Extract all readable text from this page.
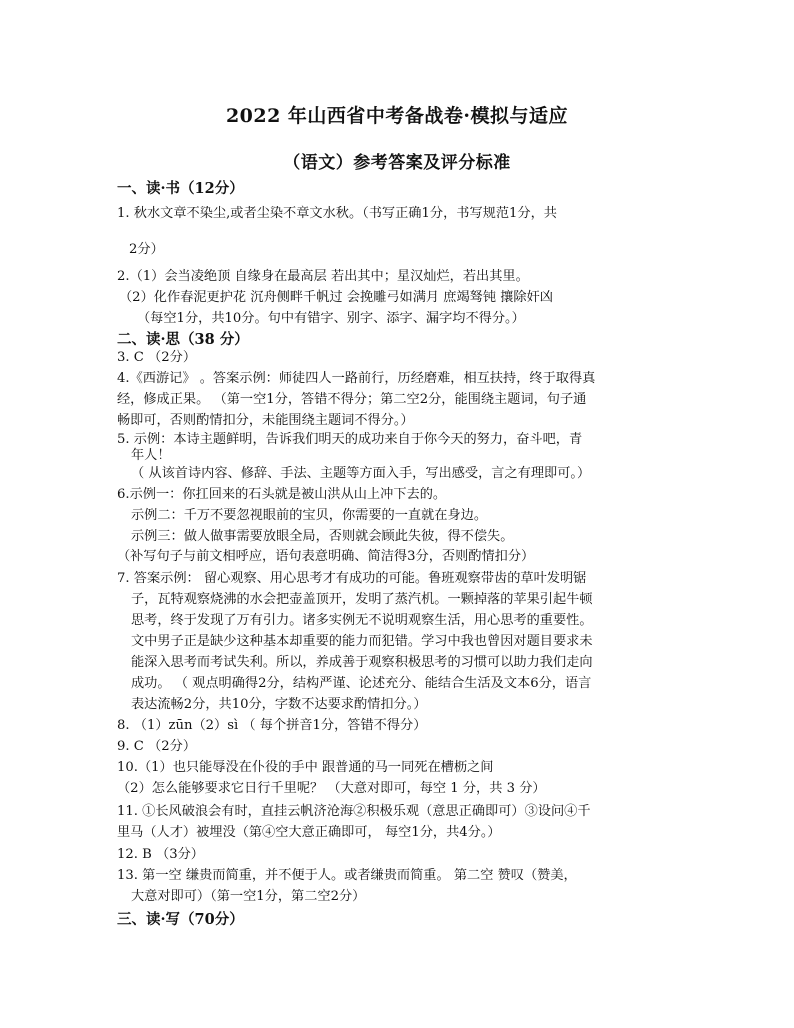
2022 年山西省中考备战卷·模拟与适应
（语文）参考答案及评分标准
一、读·书（12分）
1. 秋水文章不染尘,或者尘染不章文水秋。（书写正确1分，书写规范1分，共
2分）
2.（1）会当凌绝顶 自缘身在最高层 若出其中；星汉灿烂，若出其里。
（2）化作春泥更护花 沉舟侧畔千帆过 会挽雕弓如满月 庶竭驽钝 攘除奸凶
（每空1分，共10分。句中有错字、别字、添字、漏字均不得分。）
二、读·思（38 分）
3. C （2分）
4.《西游记》 。答案示例：师徒四人一路前行，历经磨难，相互扶持，终于取得真
经，修成正果。 （第一空1分，答错不得分；第二空2分，能围绕主题词，句子通
畅即可，否则酌情扣分，未能围绕主题词不得分。）
5. 示例：本诗主题鲜明，告诉我们明天的成功来自于你今天的努力，奋斗吧，青
年人！
（ 从该首诗内容、修辞、手法、主题等方面入手，写出感受，言之有理即可。）
6.示例一：你扛回来的石头就是被山洪从山上冲下去的。
示例二：千万不要忽视眼前的宝贝，你需要的一直就在身边。
示例三：做人做事需要放眼全局，否则就会顾此失彼，得不偿失。
（补写句子与前文相呼应，语句表意明确、简洁得3分，否则酌情扣分）
7. 答案示例： 留心观察、用心思考才有成功的可能。鲁班观察带齿的草叶发明锯
子，瓦特观察烧沸的水会把壶盖顶开，发明了蒸汽机。一颗掉落的苹果引起牛顿
思考，终于发现了万有引力。诸多实例无不说明观察生活，用心思考的重要性。
文中男子正是缺少这种基本却重要的能力而犯错。学习中我也曾因对题目要求未
能深入思考而考试失利。所以，养成善于观察积极思考的习惯可以助力我们走向
成功。 （ 观点明确得2分，结构严谨、论述充分、能结合生活及文本6分，语言
表达流畅2分，共10分，字数不达要求酌情扣分。）
8. （1）zūn（2）sì （ 每个拼音1分，答错不得分）
9. C （2分）
10.（1）也只能辱没在仆役的手中 跟普通的马一同死在槽枥之间
（2）怎么能够要求它日行千里呢？ （大意对即可，每空 1 分，共 3 分）
11. ①长风破浪会有时，直挂云帆济沧海②积极乐观（意思正确即可）③设问④千
里马（人才）被埋没（第④空大意正确即可， 每空1分，共4分。）
12. B （3分）
13. 第一空 缣贵而简重，并不便于人。或者缣贵而简重。 第二空 赞叹（赞美，
大意对即可）（第一空1分，第二空2分）
三、读·写（70分）
